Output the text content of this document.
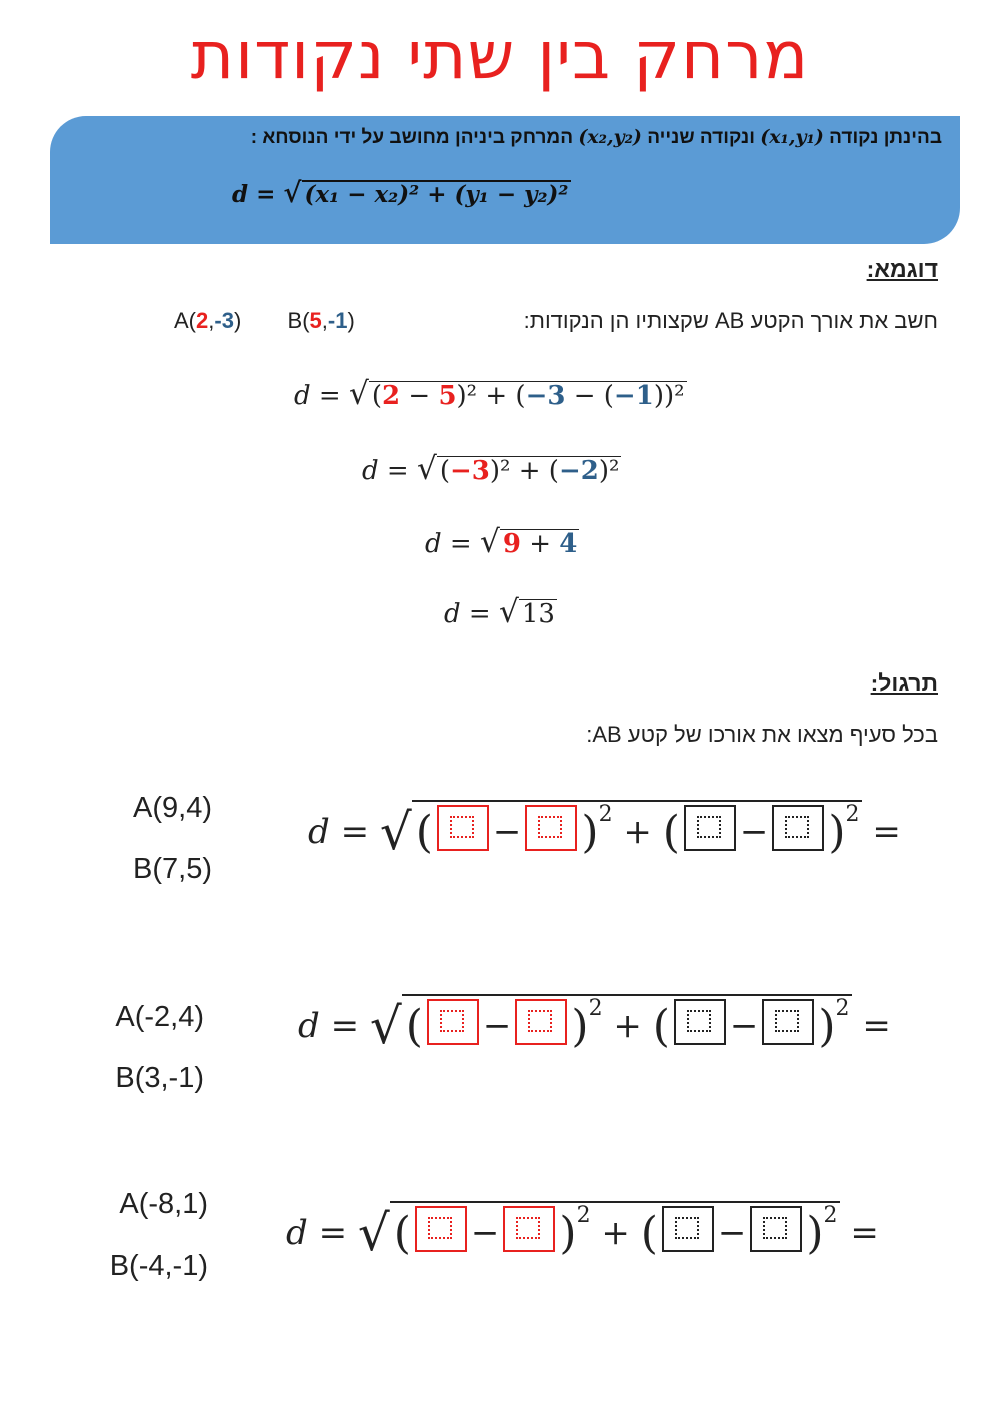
מרחק בין שתי נקודות
בהינתן נקודה (x₁,y₁) ונקודה שנייה (x₂,y₂) המרחק ביניהן מחושב על ידי הנוסחא :
d = √ (x₁ − x₂)² + (y₁ − y₂)²
דוגמא:
חשב את אורך הקטע AB שקצותיו הן הנקודות:
A(2,-3) B(5,-1)
d = √ (2 − 5)² + (−3 − (−1))²
d = √ (−3)² + (−2)²
d = √ 9 + 4
d = √ 13
תרגול:
בכל סעיף מצאו את אורכו של קטע AB:
A(9,4)
B(7,5)
d = √( − )$^2$ + ( − )$^2$ =
A(-2,4)
B(3,-1)
d = √( − )$^2$ + ( − )$^2$ =
A(-8,1)
B(-4,-1)
d = √( − )$^2$ + ( − )$^2$ =
